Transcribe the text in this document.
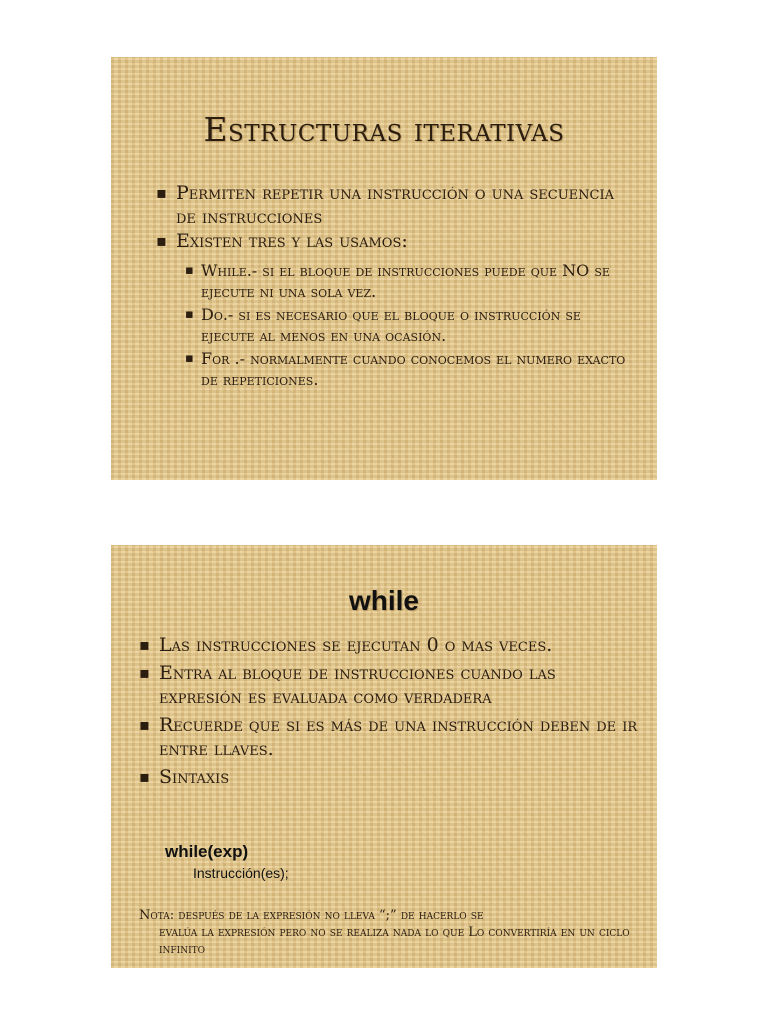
Estructuras iterativas
▪ Permiten repetir una instrucción o una secuencia de instrucciones
▪ Existen tres y las usamos:
▪ While.- si el bloque de instrucciones puede que NO se ejecute ni una sola vez.
▪ Do.- si es necesario que el bloque o instrucción se ejecute al menos en una ocasión.
▪ For .- normalmente cuando conocemos el numero exacto de repeticiones.
while
▪ Las instrucciones se ejecutan 0 o mas veces.
▪ Entra al bloque de instrucciones cuando las expresión es evaluada como verdadera
▪ Recuerde que si es más de una instrucción deben de ir entre llaves.
▪ Sintaxis
while(exp)
Instrucción(es);
Nota: después de la expresión no lleva “;” de hacerlo se
evalúa la expresión pero no se realiza nada lo que Lo convertiría en un ciclo infinito
